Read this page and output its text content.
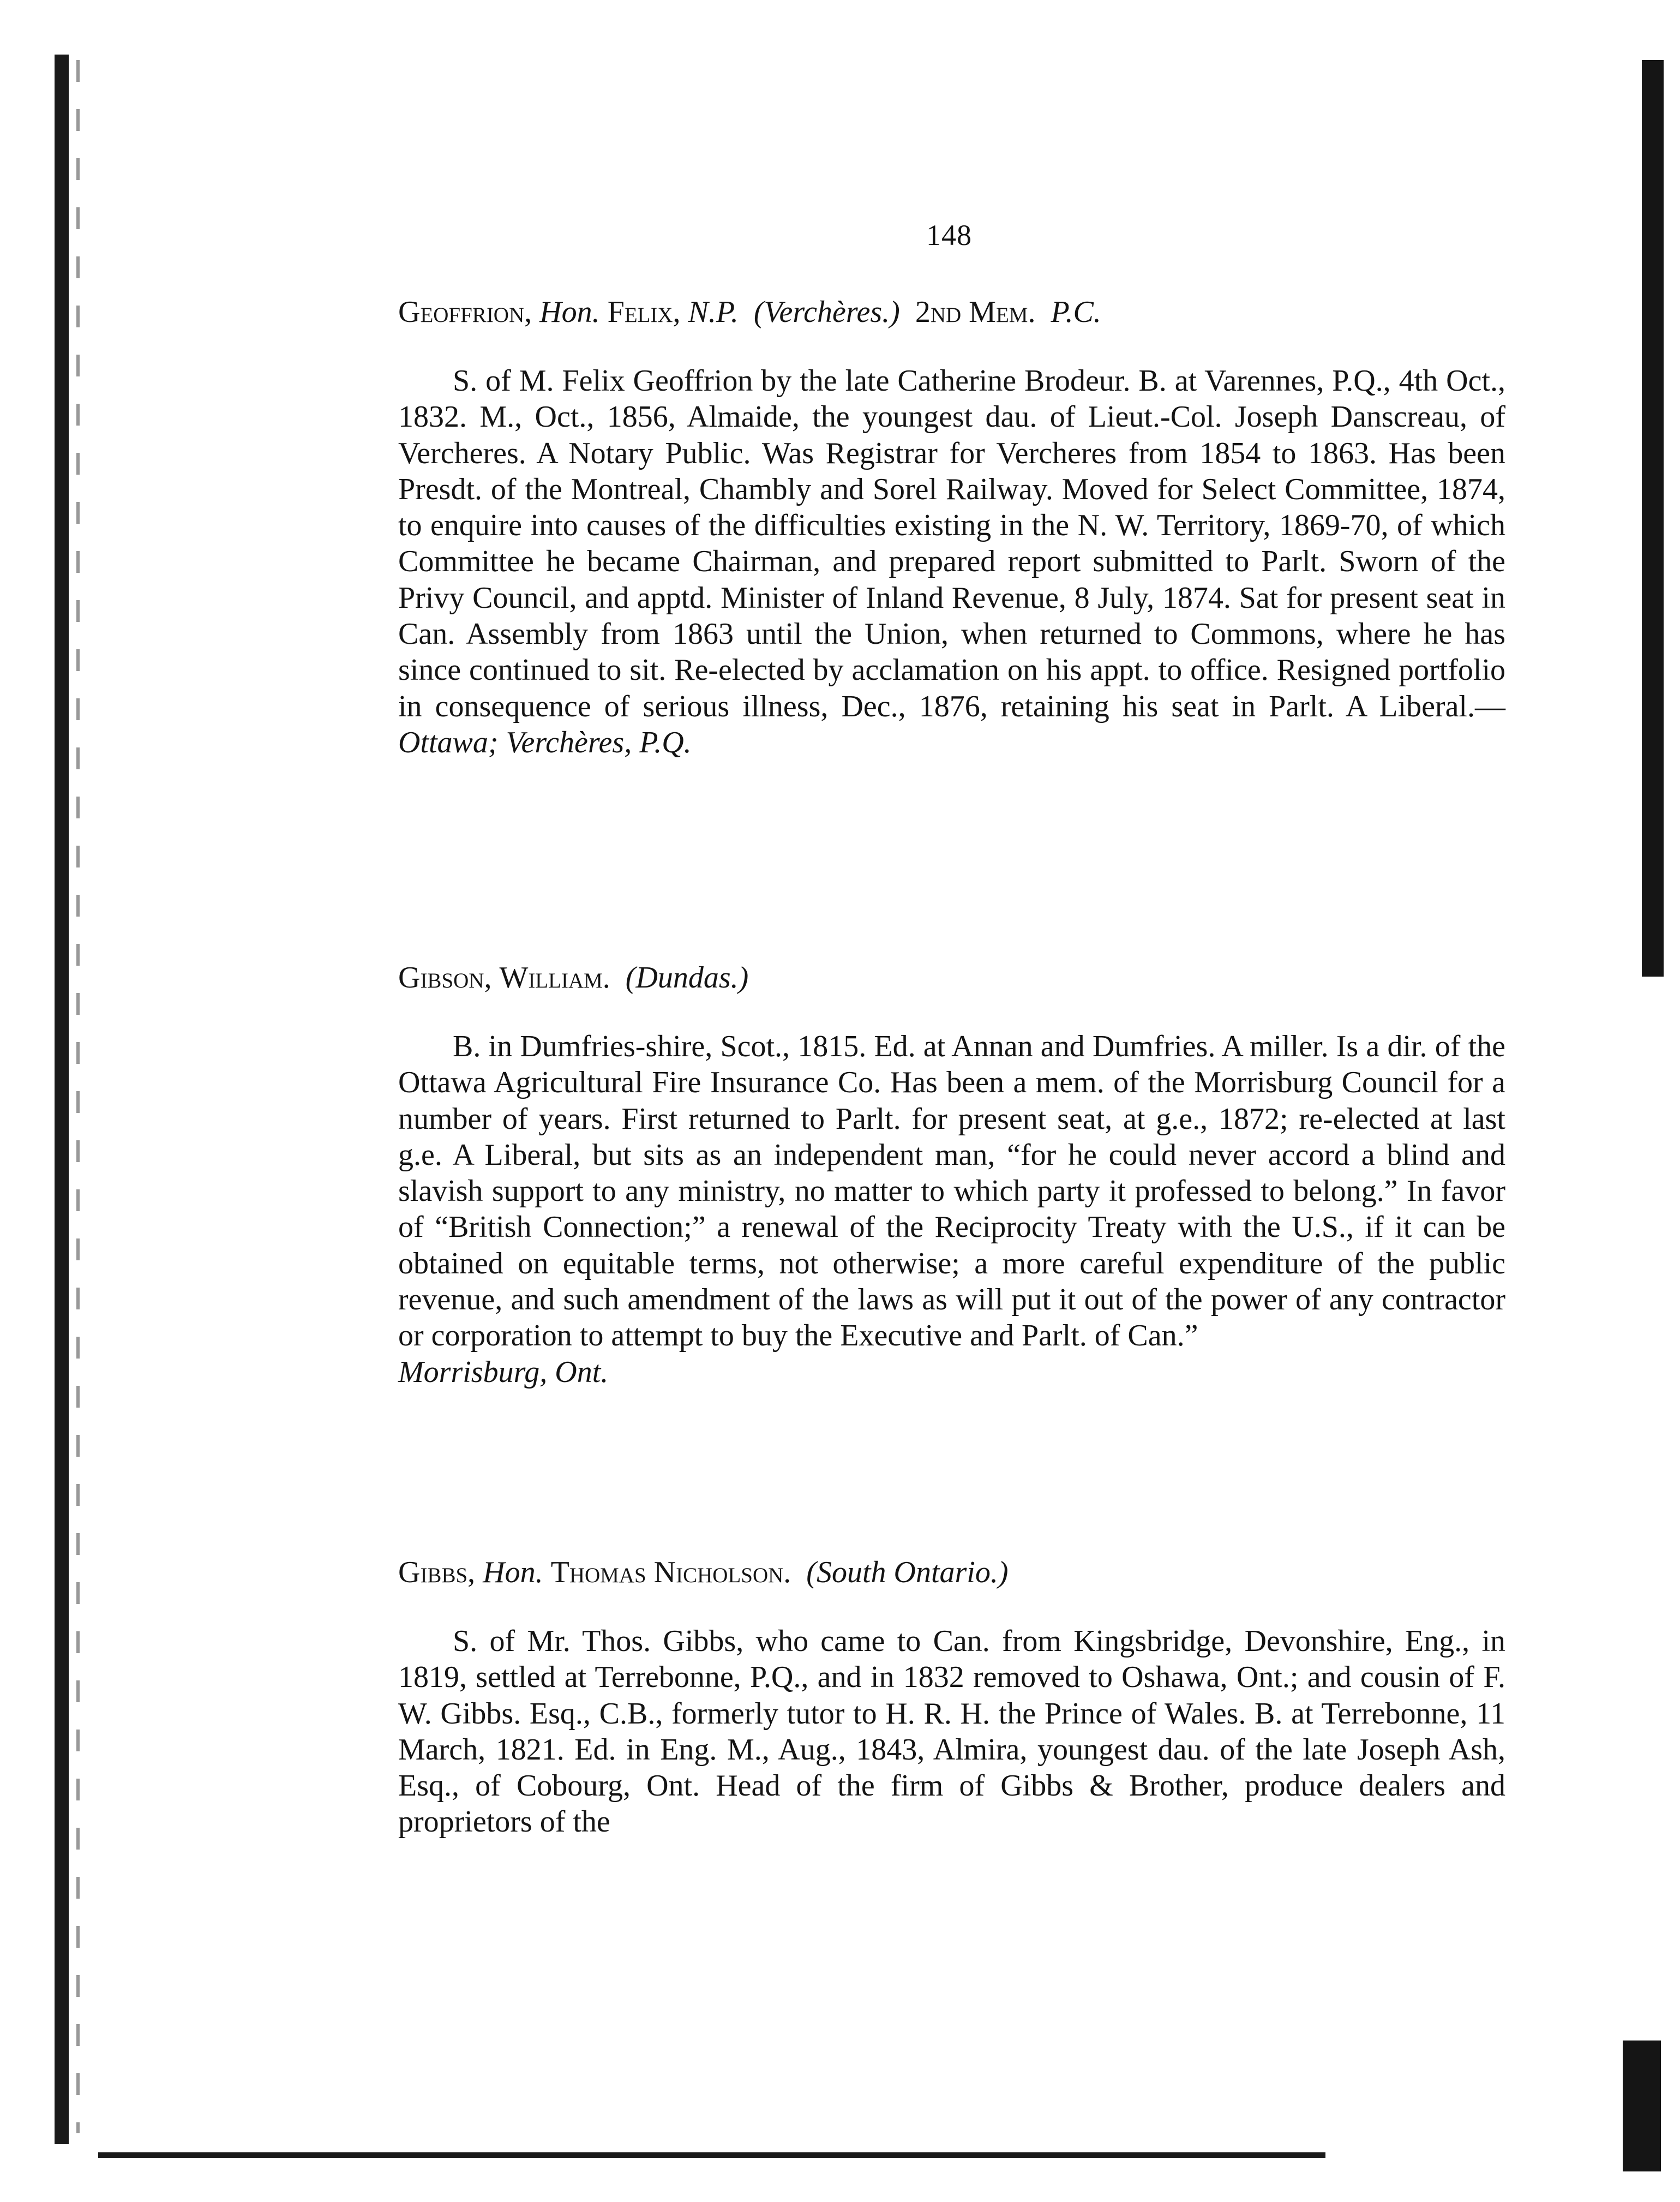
148
Geoffrion, Hon. Felix, N.P. (Verchères.) 2nd Mem. P.C.
S. of M. Felix Geoffrion by the late Catherine Brodeur. B. at Varennes, P.Q., 4th Oct., 1832. M., Oct., 1856, Almaide, the youngest dau. of Lieut.-Col. Joseph Danscreau, of Vercheres. A Notary Public. Was Registrar for Vercheres from 1854 to 1863. Has been Presdt. of the Montreal, Chambly and Sorel Railway. Moved for Select Committee, 1874, to enquire into causes of the difficulties existing in the N. W. Territory, 1869-70, of which Committee he became Chairman, and prepared report submitted to Parlt. Sworn of the Privy Council, and apptd. Minister of Inland Revenue, 8 July, 1874. Sat for present seat in Can. Assembly from 1863 until the Union, when returned to Commons, where he has since continued to sit. Re-elected by acclamation on his appt. to office. Resigned portfolio in consequence of serious illness, Dec., 1876, retaining his seat in Parlt. A Liberal.—Ottawa; Verchères, P.Q.
Gibson, William. (Dundas.)
B. in Dumfries-shire, Scot., 1815. Ed. at Annan and Dumfries. A miller. Is a dir. of the Ottawa Agricultural Fire Insurance Co. Has been a mem. of the Morrisburg Council for a number of years. First returned to Parlt. for present seat, at g.e., 1872; re-elected at last g.e. A Liberal, but sits as an independent man, “for he could never accord a blind and slavish support to any ministry, no matter to which party it professed to belong.” In favor of “British Connection;” a renewal of the Reciprocity Treaty with the U.S., if it can be obtained on equitable terms, not otherwise; a more careful expenditure of the public revenue, and such amendment of the laws as will put it out of the power of any contractor or corporation to attempt to buy the Executive and Parlt. of Can.”
Morrisburg, Ont.
Gibbs, Hon. Thomas Nicholson. (South Ontario.)
S. of Mr. Thos. Gibbs, who came to Can. from Kingsbridge, Devonshire, Eng., in 1819, settled at Terrebonne, P.Q., and in 1832 removed to Oshawa, Ont.; and cousin of F. W. Gibbs. Esq., C.B., formerly tutor to H. R. H. the Prince of Wales. B. at Terrebonne, 11 March, 1821. Ed. in Eng. M., Aug., 1843, Almira, youngest dau. of the late Joseph Ash, Esq., of Cobourg, Ont. Head of the firm of Gibbs & Brother, produce dealers and proprietors of the
